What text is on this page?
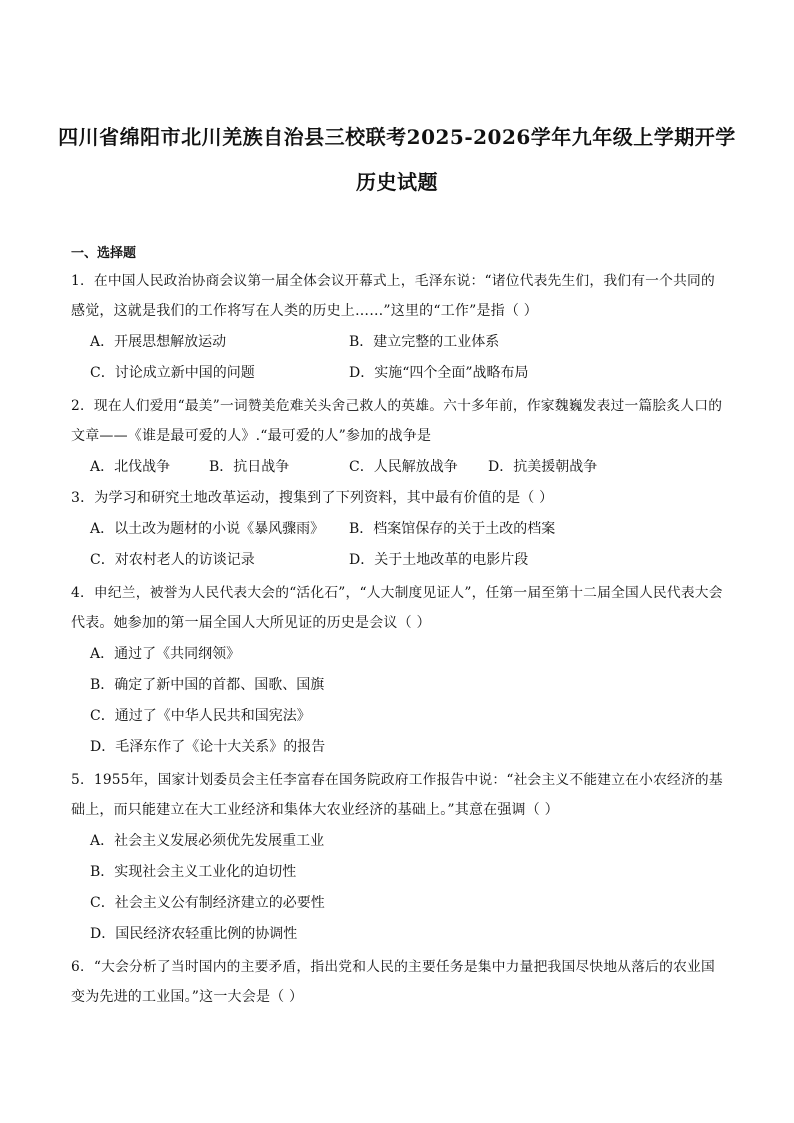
四川省绵阳市北川羌族自治县三校联考2025-2026学年九年级上学期开学
历史试题
一、选择题
1．在中国人民政治协商会议第一届全体会议开幕式上，毛泽东说：“诸位代表先生们，我们有一个共同的
感觉，这就是我们的工作将写在人类的历史上……”这里的“工作”是指（ ）
A．开展思想解放运动	B．建立完整的工业体系
C．讨论成立新中国的问题	D．实施“四个全面”战略布局
2．现在人们爱用“最美”一词赞美危难关头舍己救人的英雄。六十多年前，作家魏巍发表过一篇脍炙人口的
文章——《谁是最可爱的人》.“最可爱的人”参加的战争是
A．北伐战争	B．抗日战争	C．人民解放战争 D．抗美援朝战争
3．为学习和研究土地改革运动，搜集到了下列资料，其中最有价值的是（ ）
A．以土改为题材的小说《暴风骤雨》 B．档案馆保存的关于土改的档案
C．对农村老人的访谈记录	D．关于土地改革的电影片段
4．申纪兰，被誉为人民代表大会的“活化石”，“人大制度见证人”，任第一届至第十二届全国人民代表大会
代表。她参加的第一届全国人大所见证的历史是会议（ ）
A．通过了《共同纲领》
B．确定了新中国的首都、国歌、国旗
C．通过了《中华人民共和国宪法》
D．毛泽东作了《论十大关系》的报告
5．1955年，国家计划委员会主任李富春在国务院政府工作报告中说：“社会主义不能建立在小农经济的基
础上，而只能建立在大工业经济和集体大农业经济的基础上。”其意在强调（ ）
A．社会主义发展必须优先发展重工业
B．实现社会主义工业化的迫切性
C．社会主义公有制经济建立的必要性
D．国民经济农轻重比例的协调性
6．“大会分析了当时国内的主要矛盾，指出党和人民的主要任务是集中力量把我国尽快地从落后的农业国
变为先进的工业国。”这一大会是（ ）
